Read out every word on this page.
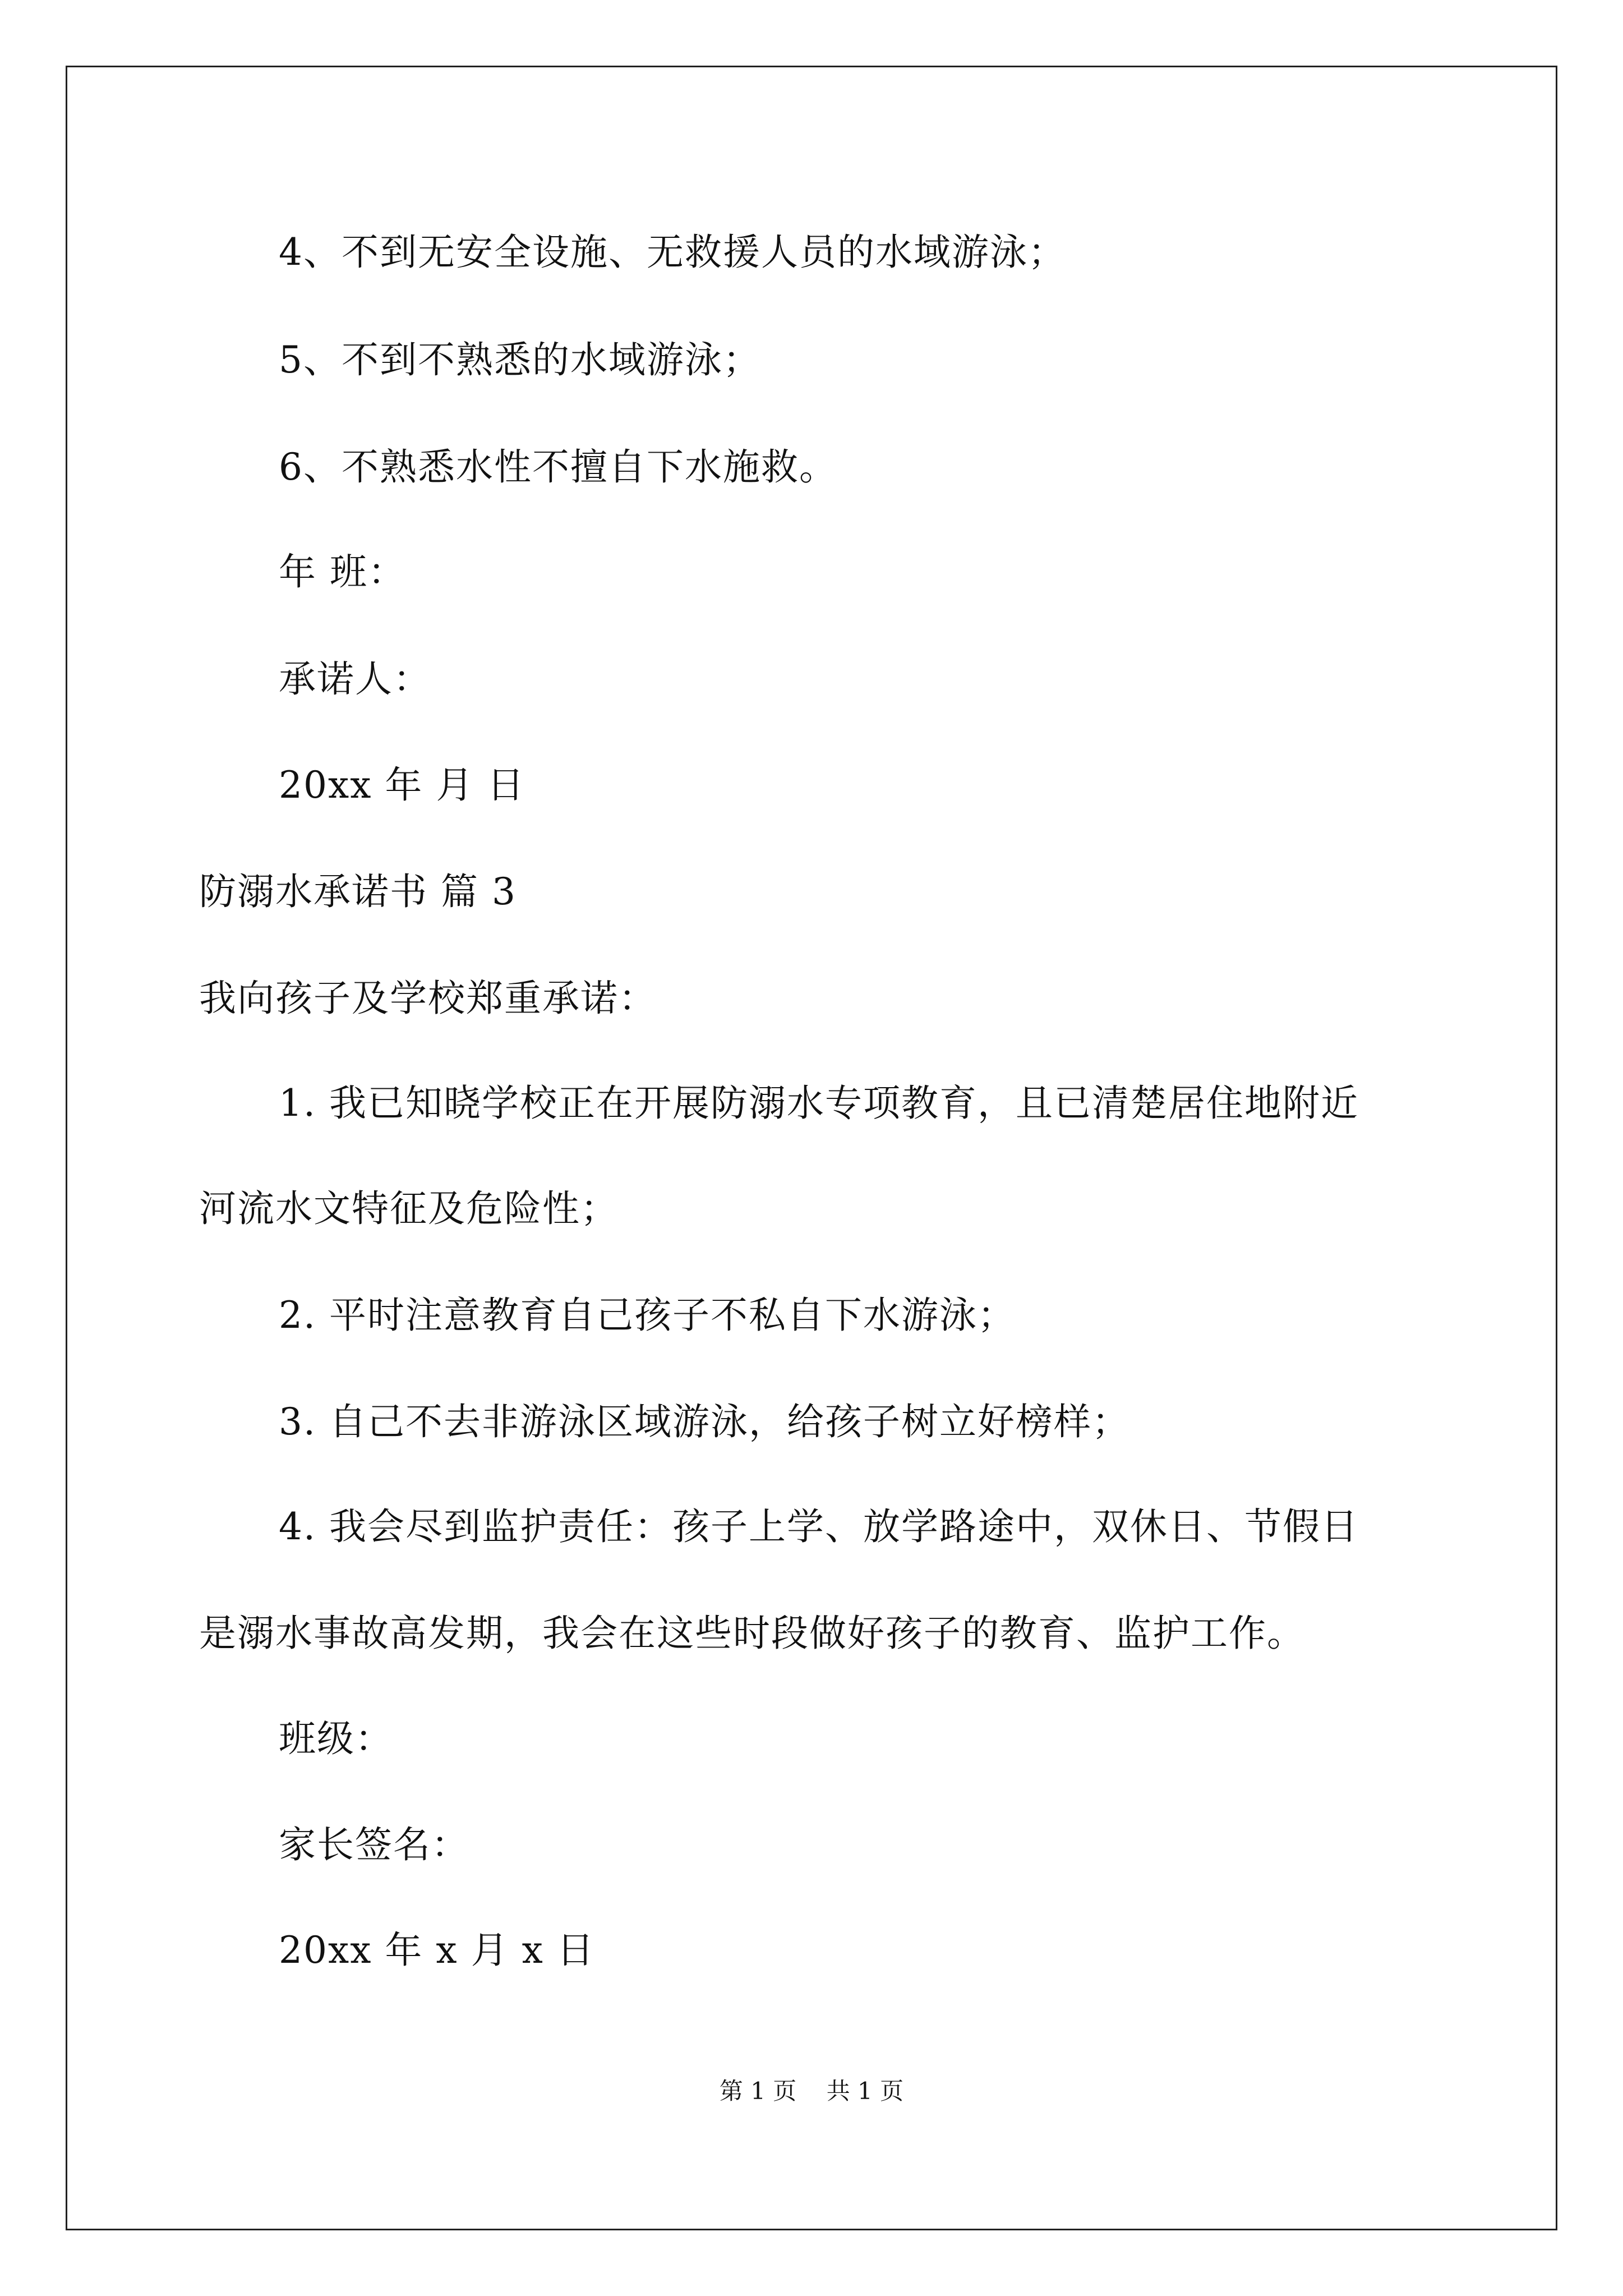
4、不到无安全设施、无救援人员的水域游泳；
5、不到不熟悉的水域游泳；
6、不熟悉水性不擅自下水施救。
年 班：
承诺人：
20xx 年 月 日
防溺水承诺书 篇 3
我向孩子及学校郑重承诺：
1. 我已知晓学校正在开展防溺水专项教育，且已清楚居住地附近
河流水文特征及危险性；
2. 平时注意教育自己孩子不私自下水游泳；
3. 自己不去非游泳区域游泳，给孩子树立好榜样；
4. 我会尽到监护责任：孩子上学、放学路途中，双休日、节假日
是溺水事故高发期，我会在这些时段做好孩子的教育、监护工作。
班级：
家长签名：
20xx 年 x 月 x 日
第 1 页    共 1 页
